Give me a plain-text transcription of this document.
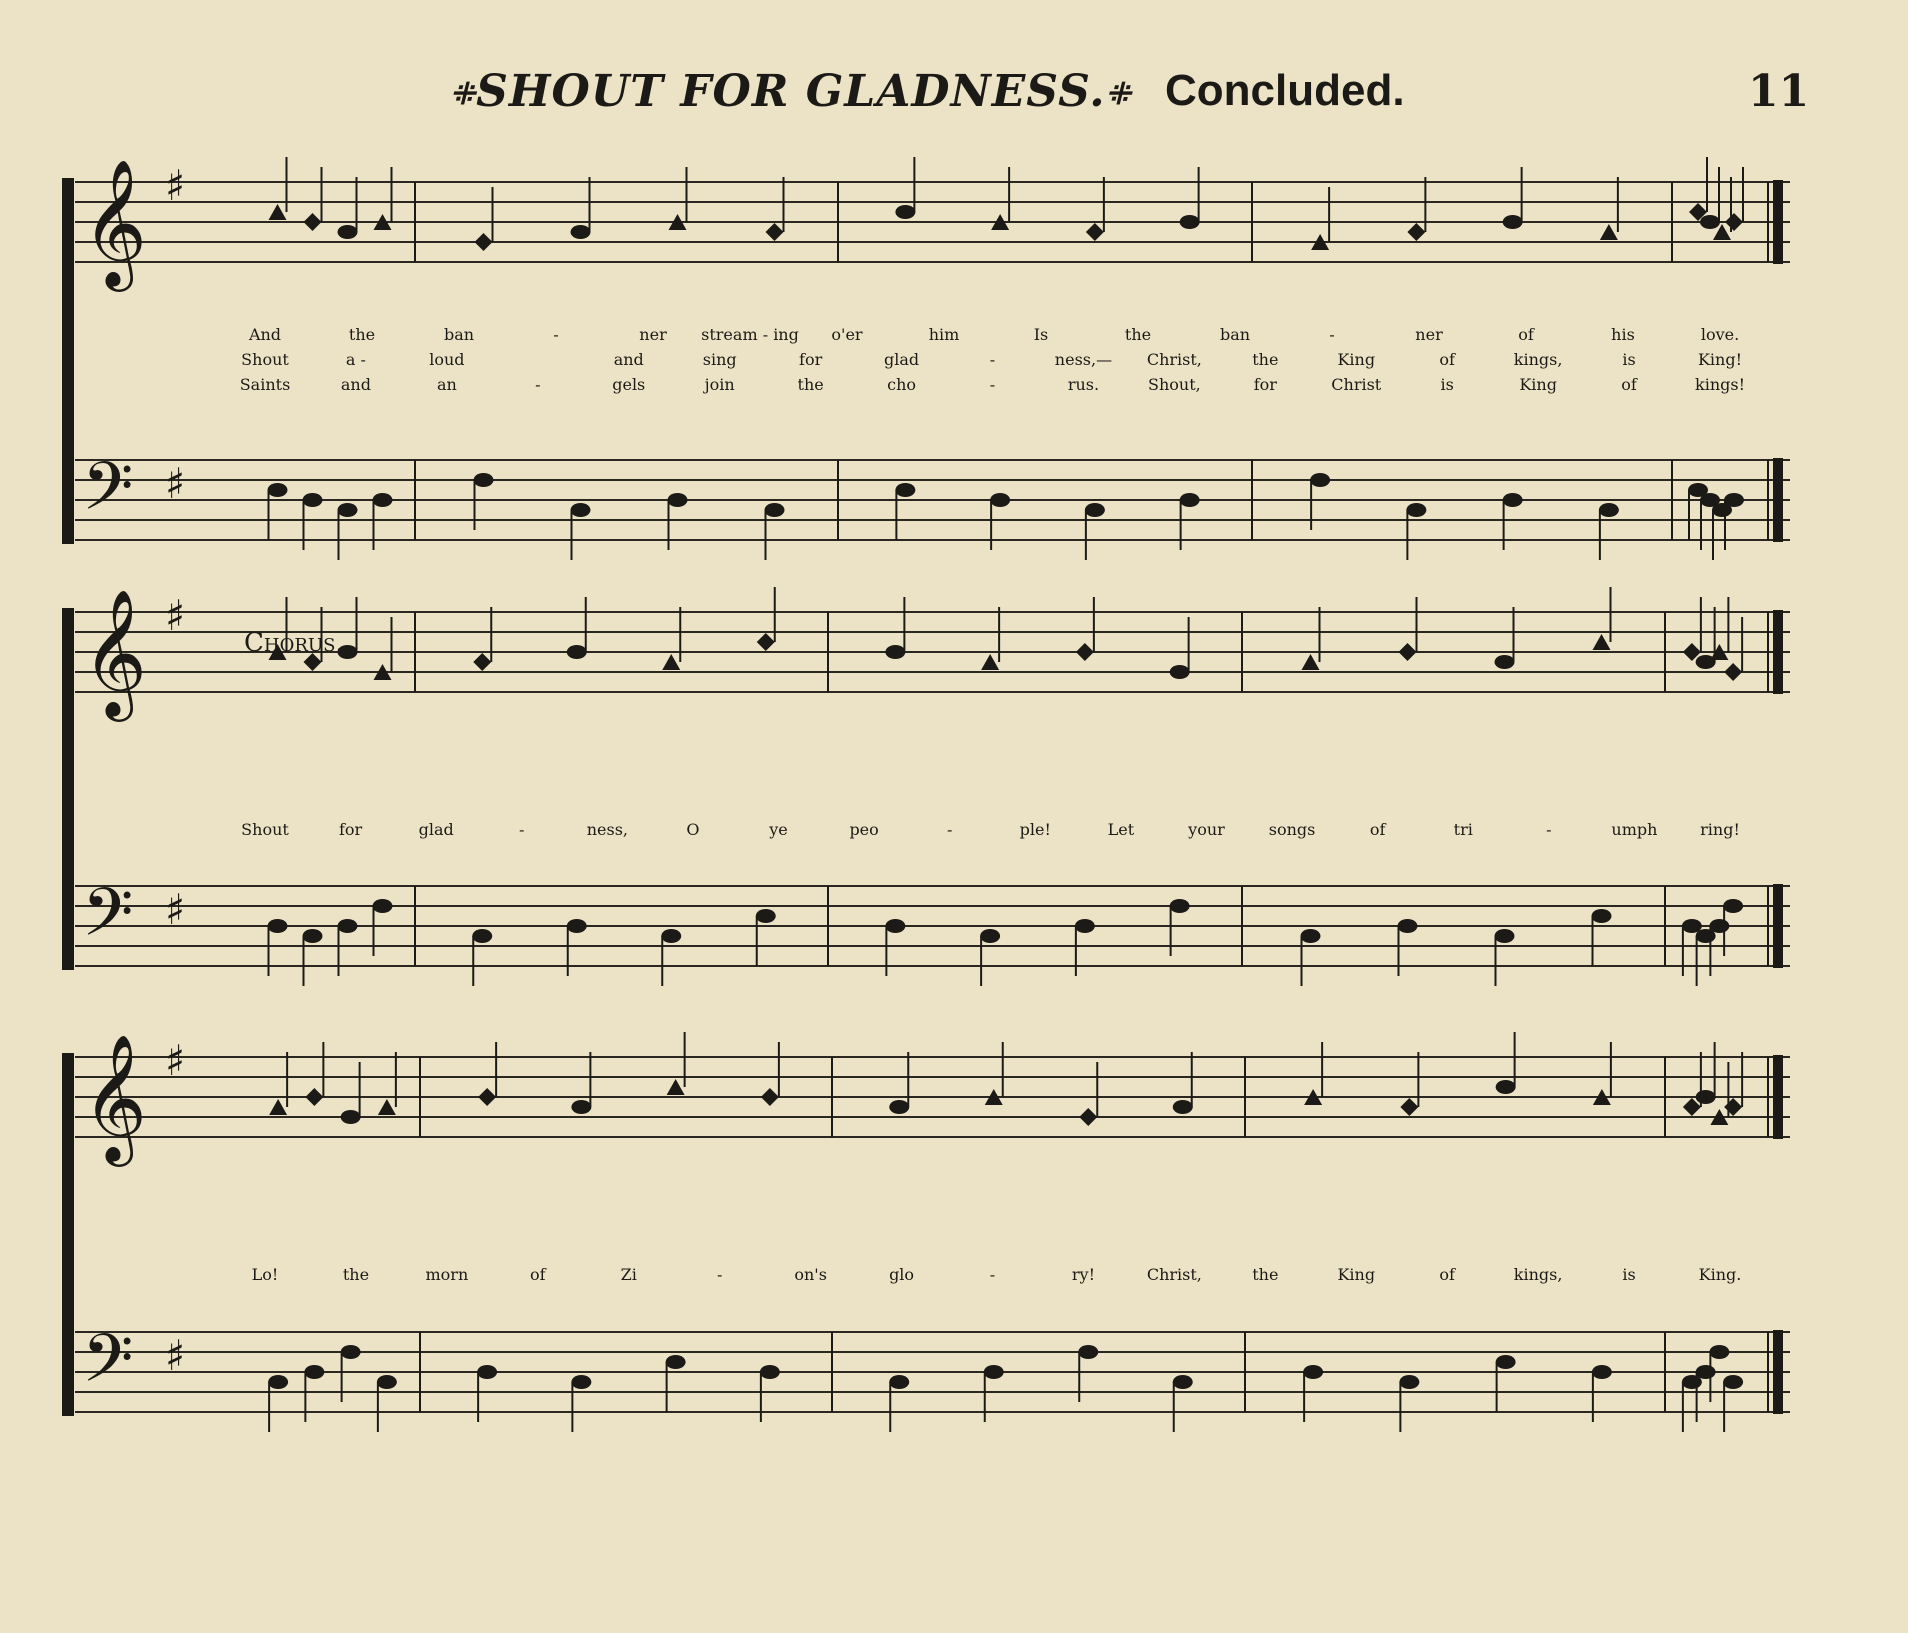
⁜SHOUT FOR GLADNESS.⁜ Concluded.	11
𝄞
𝄢
♯
♯
𝄞
𝄢
♯
♯
𝄞
𝄢
♯
♯
Chorus.
And	the	ban	-	ner stream - ing o'er	him	Is	the	ban	-	ner	of	his	love.
Shout	a -	loud	and	sing	for	glad	-	ness,— Christ,	the	King	of	kings,	is	King!
Saints	and	an	-	gels	join	the	cho	-	rus.	Shout,	for	Christ	is	King	of	kings!
Shout	for	glad	-	ness,	O	ye	peo	-	ple!	Let	your	songs	of	tri	-	umph	ring!
Lo!	the	morn	of	Zi	-	on's	glo	-	ry!	Christ,	the	King	of	kings,	is	King.
